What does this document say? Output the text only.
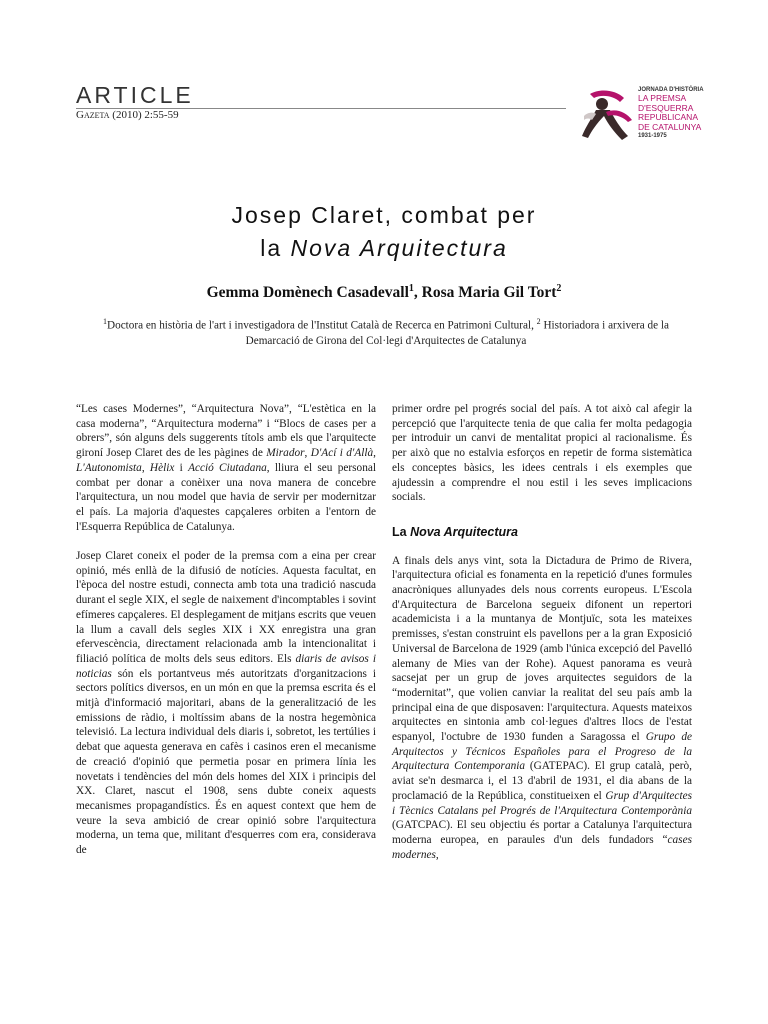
ARTICLE
Gazeta (2010) 2:55-59
JORNADA D'HISTÒRIA
LA PREMSA
D'ESQUERRA
REPUBLICANA
DE CATALUNYA
1931-1975
Josep Claret, combat per
la Nova Arquitectura
Gemma Domènech Casadevall$^1$, Rosa Maria Gil Tort$^2$
$^1$Doctora en història de l'art i investigadora de l'Institut Català de Recerca en Patrimoni Cultural, $^2$ Historiadora i arxivera de la Demarcació de Girona del Col·legi d'Arquitectes de Catalunya

“Les cases Modernes”, “Arquitectura Nova”, “L'estètica en la casa moderna”, “Arquitectura moderna” i “Blocs de cases per a obrers”, són alguns dels suggerents títols amb els que l'arquitecte gironí Josep Claret des de les pàgines de Mirador, D'Ací i d'Allà, L'Autonomista, Hèlix i Acció Ciutadana, lliura el seu personal combat per donar a conèixer una nova manera de concebre l'arquitectura, un nou model que havia de servir per modernitzar el país. La majoria d'aquestes capçaleres orbiten a l'entorn de l'Esquerra República de Catalunya.

Josep Claret coneix el poder de la premsa com a eina per crear opinió, més enllà de la difusió de notícies. Aquesta facultat, en l'època del nostre estudi, connecta amb tota una tradició nascuda durant el segle XIX, el segle de naixement d'incomptables i sovint efímeres capçaleres. El desplegament de mitjans escrits que veuen la llum a cavall dels segles XIX i XX enregistra una gran efervescència, directament relacionada amb la intencionalitat i filiació política de molts dels seus editors. Els diaris de avisos i noticias són els portantveus més autoritzats d'organitzacions i sectors polítics diversos, en un món en que la premsa escrita és el mitjà d'informació majoritari, abans de la generalització de les emissions de ràdio, i moltíssim abans de la nostra hegemònica televisió. La lectura individual dels diaris i, sobretot, les tertúlies i debat que aquesta generava en cafès i casinos eren el mecanisme de creació d'opinió que permetia posar en primera línia les novetats i tendències del món dels homes del XIX i principis del XX. Claret, nascut el 1908, sens dubte coneix aquests mecanismes propagandístics. És en aquest context que hem de veure la seva ambició de crear opinió sobre l'arquitectura moderna, un tema que, militant d'esquerres com era, considerava de

primer ordre pel progrés social del país. A tot això cal afegir la percepció que l'arquitecte tenia de que calia fer molta pedagogia per introduir un canvi de mentalitat propici al racionalisme. És per això que no estalvia esforços en repetir de forma sistemàtica els conceptes bàsics, les idees centrals i els exemples que ajudessin a comprendre el nou estil i les seves implicacions socials.

La Nova Arquitectura

A finals dels anys vint, sota la Dictadura de Primo de Rivera, l'arquitectura oficial es fonamenta en la repetició d'unes formules anacròniques allunyades dels nous corrents europeus. L'Escola d'Arquitectura de Barcelona segueix difonent un repertori academicista i a la muntanya de Montjuïc, sota les mateixes premisses, s'estan construint els pavellons per a la gran Exposició Universal de Barcelona de 1929 (amb l'única excepció del Pavelló alemany de Mies van der Rohe). Aquest panorama es veurà sacsejat per un grup de joves arquitectes seguidors de la “modernitat”, que volien canviar la realitat del seu país amb la principal eina de que disposaven: l'arquitectura. Aquests mateixos arquitectes en sintonia amb col·legues d'altres llocs de l'estat espanyol, l'octubre de 1930 funden a Saragossa el Grupo de Arquitectos y Técnicos Españoles para el Progreso de la Arquitectura Contemporania (GATEPAC). El grup català, però, aviat se'n desmarca i, el 13 d'abril de 1931, el dia abans de la proclamació de la República, constitueixen el Grup d'Arquitectes i Tècnics Catalans pel Progrés de l'Arquitectura Contemporània (GATCPAC). El seu objectiu és portar a Catalunya l'arquitectura moderna europea, en paraules d'un dels fundadors “cases modernes,
